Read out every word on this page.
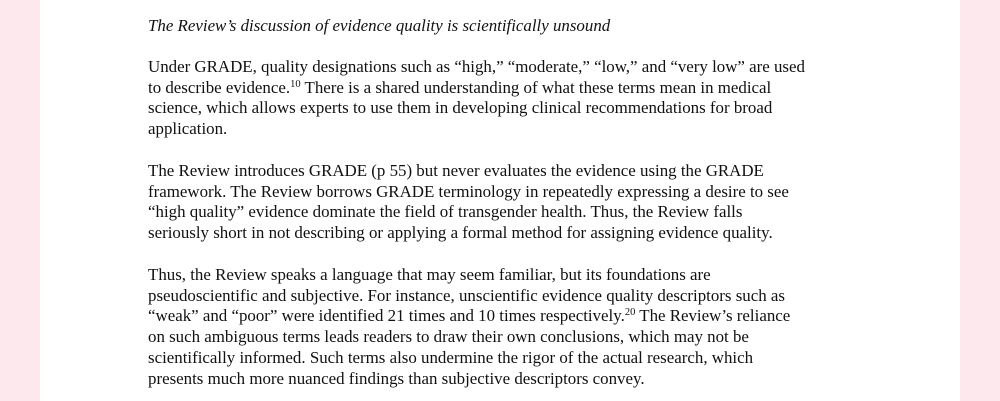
The Review’s discussion of evidence quality is scientifically unsound

Under GRADE, quality designations such as “high,” “moderate,” “low,” and “very low” are used
to describe evidence.$^{10}$ There is a shared understanding of what these terms mean in medical
science, which allows experts to use them in developing clinical recommendations for broad
application.

The Review introduces GRADE (p 55) but never evaluates the evidence using the GRADE
framework. The Review borrows GRADE terminology in repeatedly expressing a desire to see
“high quality” evidence dominate the field of transgender health. Thus, the Review falls
seriously short in not describing or applying a formal method for assigning evidence quality.

Thus, the Review speaks a language that may seem familiar, but its foundations are
pseudoscientific and subjective. For instance, unscientific evidence quality descriptors such as
“weak” and “poor” were identified 21 times and 10 times respectively.$^{20}$ The Review’s reliance
on such ambiguous terms leads readers to draw their own conclusions, which may not be
scientifically informed. Such terms also undermine the rigor of the actual research, which
presents much more nuanced findings than subjective descriptors convey.
